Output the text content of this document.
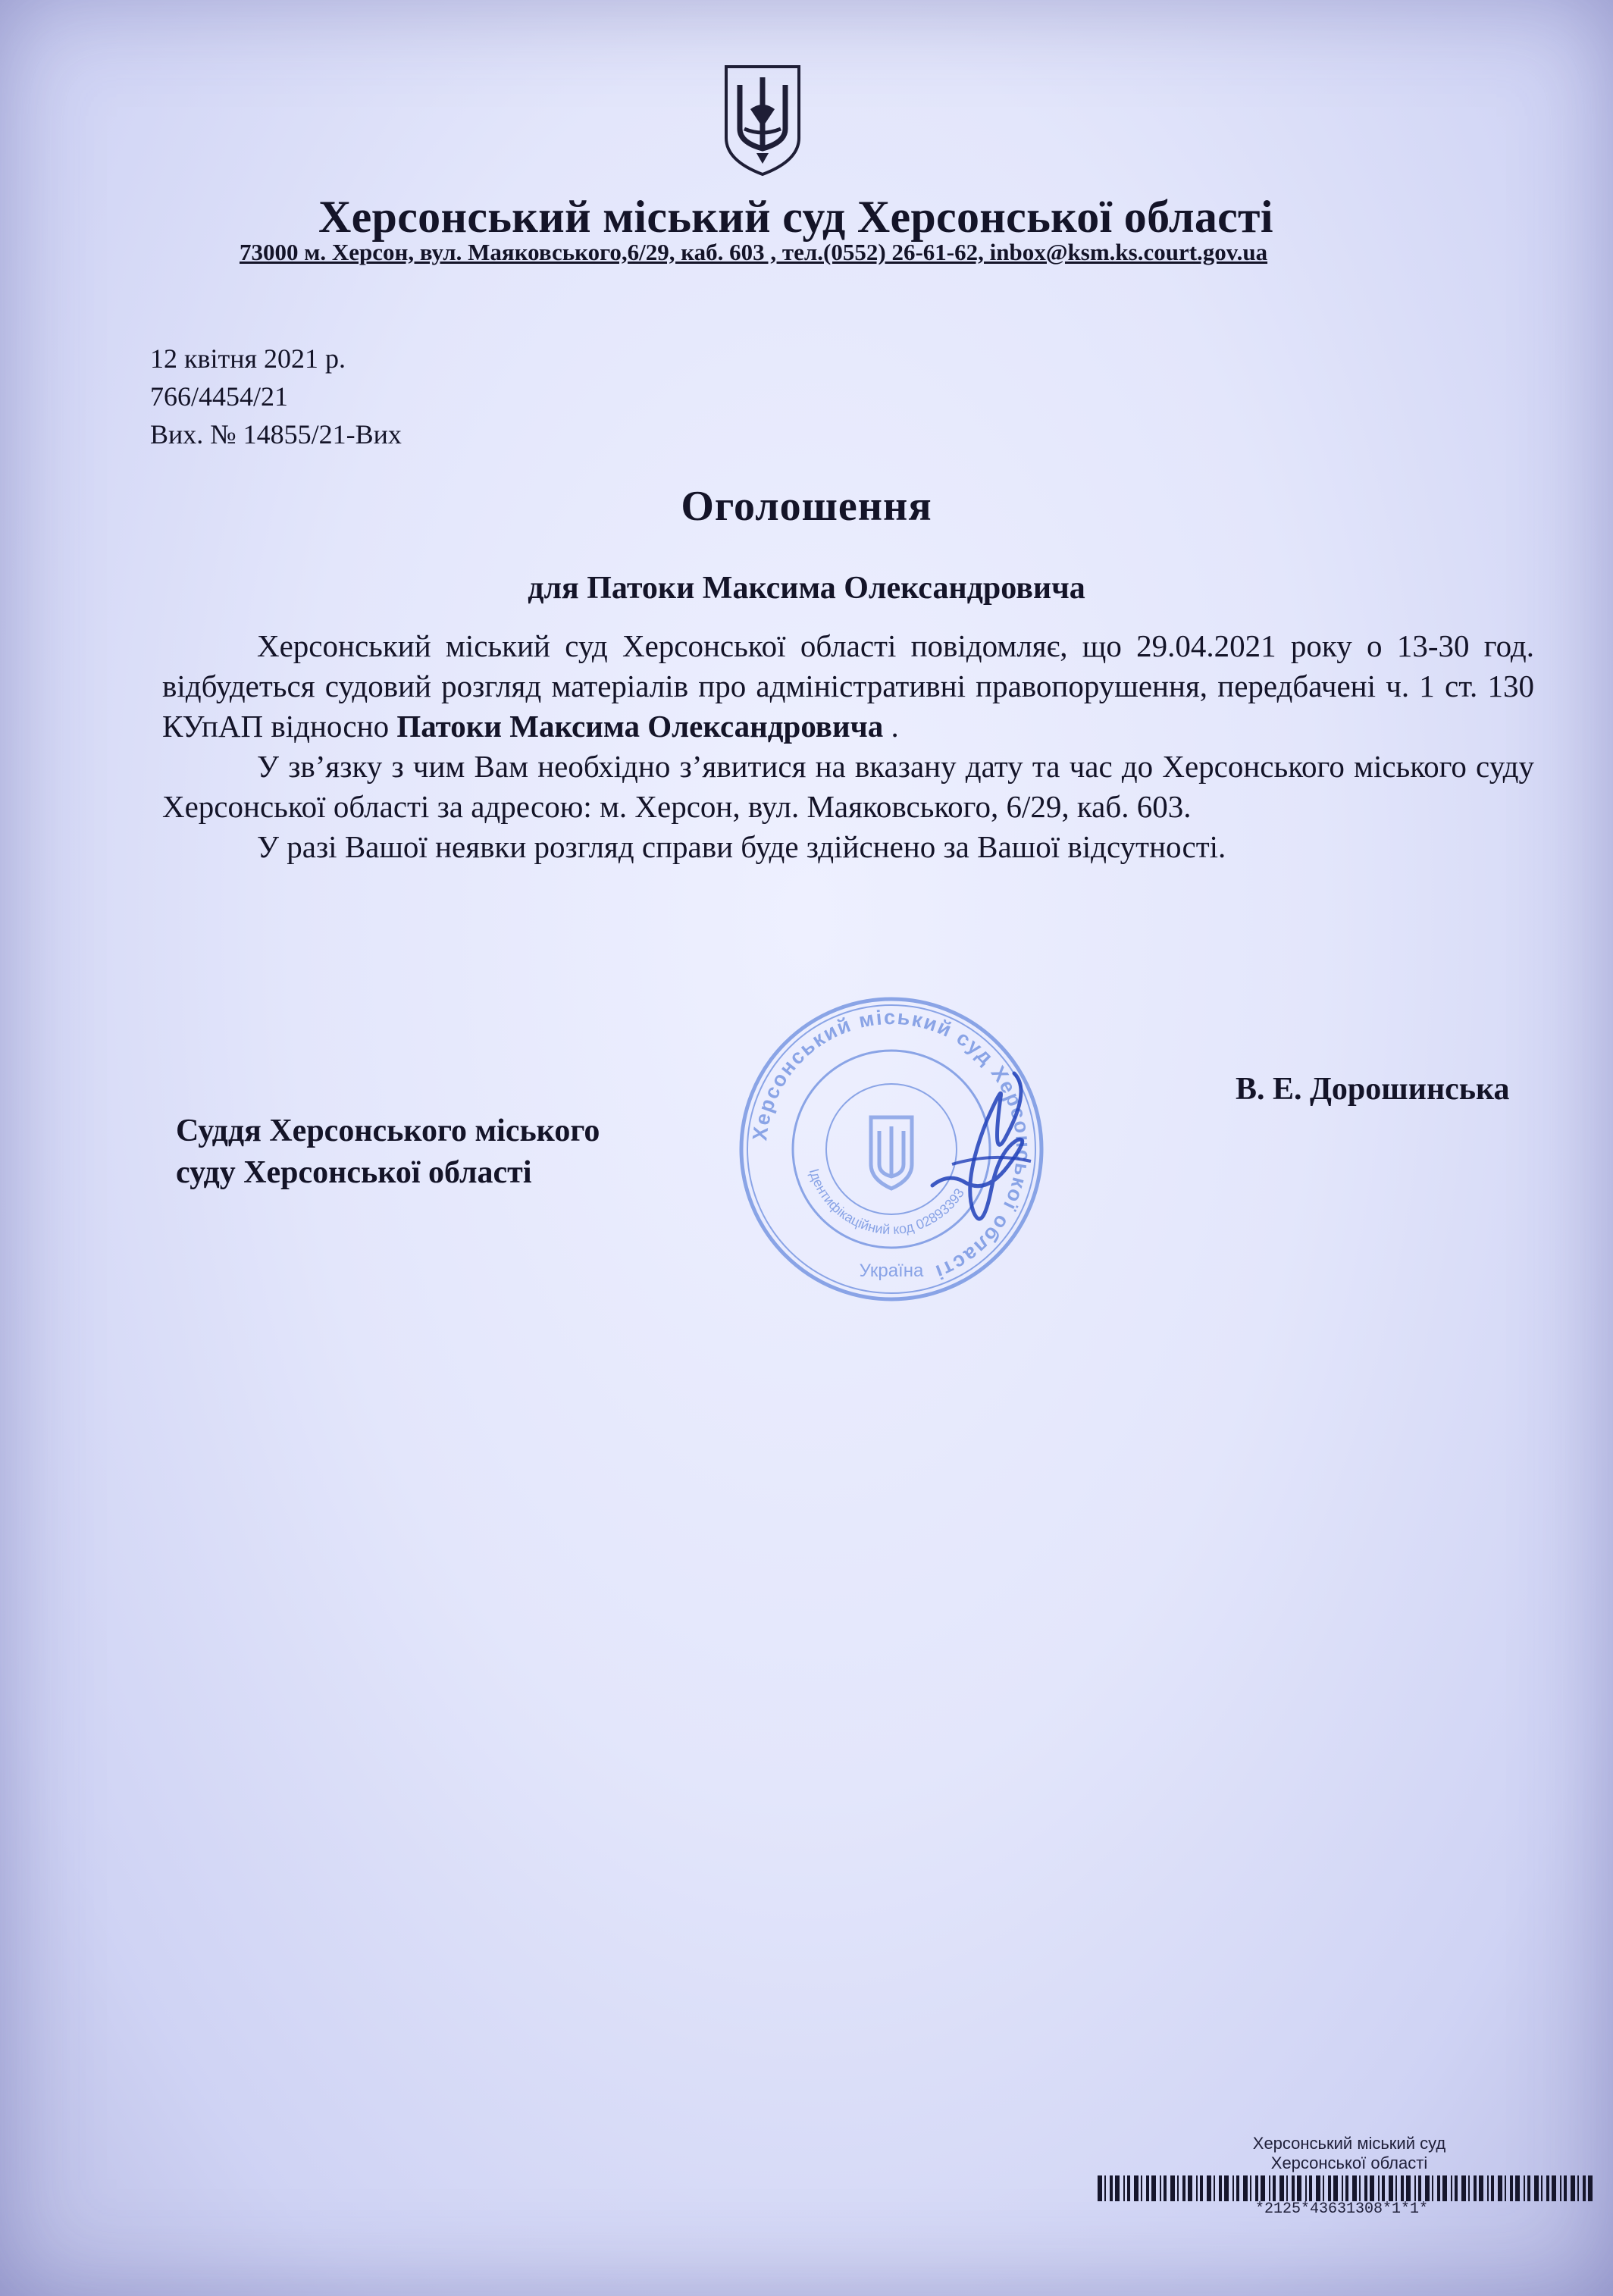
Херсонський міський суд Херсонської області
73000 м. Херсон, вул. Маяковського,6/29, каб. 603 , тел.(0552) 26-61-62, inbox@ksm.ks.court.gov.ua
12 квітня 2021 р.
766/4454/21
Вих. № 14855/21-Вих
Оголошення
для Патоки Максима Олександровича

Херсонський міський суд Херсонської області повідомляє, що 29.04.2021 року о 13-30 год. відбудеться судовий розгляд матеріалів про адміністративні правопорушення, передбачені ч. 1 ст. 130 КУпАП відносно Патоки Максима Олександровича .

У зв’язку з чим Вам необхідно з’явитися на вказану дату та час до Херсонського міського суду Херсонської області за адресою: м. Херсон, вул. Маяковського, 6/29, каб. 603.

У разі Вашої неявки розгляд справи буде здійснено за Вашої відсутності.

Херсонський міський суд Херсонської області
Ідентифікаційний код 02893393
Україна
Суддя Херсонського міського
суду Херсонської області
В. Е. Дорошинська
Херсонський міський суд
Херсонської області
*2125*43631308*1*1*
